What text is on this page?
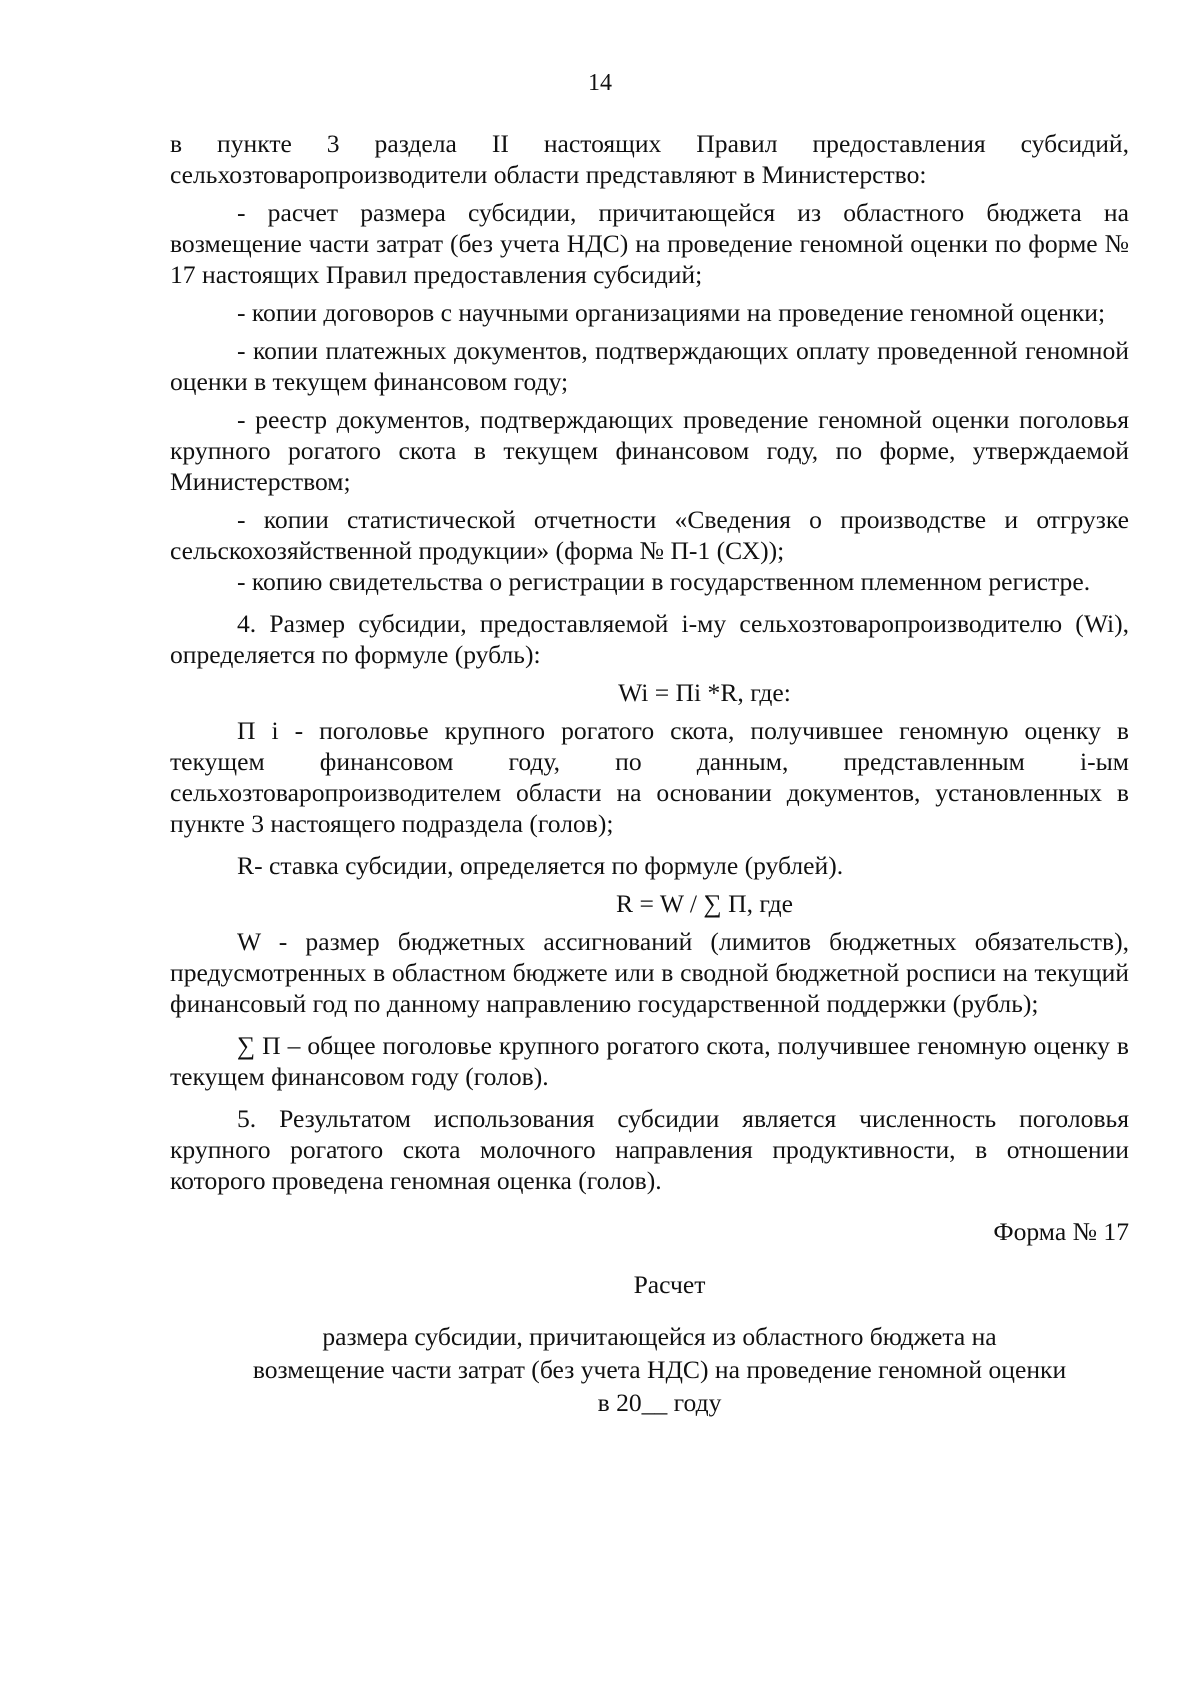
14

в пункте 3 раздела II настоящих Правил предоставления субсидий, сельхозтоваропроизводители области представляют в Министерство:

- расчет размера субсидии, причитающейся из областного бюджета на возмещение части затрат (без учета НДС) на проведение геномной оценки по форме № 17 настоящих Правил предоставления субсидий;

- копии договоров с научными организациями на проведение геномной оценки;

- копии платежных документов, подтверждающих оплату проведенной геномной оценки в текущем финансовом году;

- реестр документов, подтверждающих проведение геномной оценки поголовья крупного рогатого скота в текущем финансовом году, по форме, утверждаемой Министерством;

- копии статистической отчетности «Сведения о производстве и отгрузке сельскохозяйственной продукции» (форма № П-1 (СХ));

- копию свидетельства о регистрации в государственном племенном регистре.

4. Размер субсидии, предоставляемой i-му сельхозтоваропроизводителю (Wi), определяется по формуле (рубль):

Wi = Пi *R, где:

П i - поголовье крупного рогатого скота, получившее геномную оценку в текущем финансовом году, по данным, представленным i-ым сельхозтоваропроизводителем области на основании документов, установленных в пункте 3 настоящего подраздела (голов);

R- ставка субсидии, определяется по формуле (рублей).

R = W / ∑ П, где

W - размер бюджетных ассигнований (лимитов бюджетных обязательств), предусмотренных в областном бюджете или в сводной бюджетной росписи на текущий финансовый год по данному направлению государственной поддержки (рубль);

∑ П – общее поголовье крупного рогатого скота, получившее геномную оценку в текущем финансовом году (голов).

5. Результатом использования субсидии является численность поголовья крупного рогатого скота молочного направления продуктивности, в отношении которого проведена геномная оценка (голов).

Форма № 17

Расчет

размера субсидии, причитающейся из областного бюджета на
возмещение части затрат (без учета НДС) на проведение геномной оценки
в 20__ году
